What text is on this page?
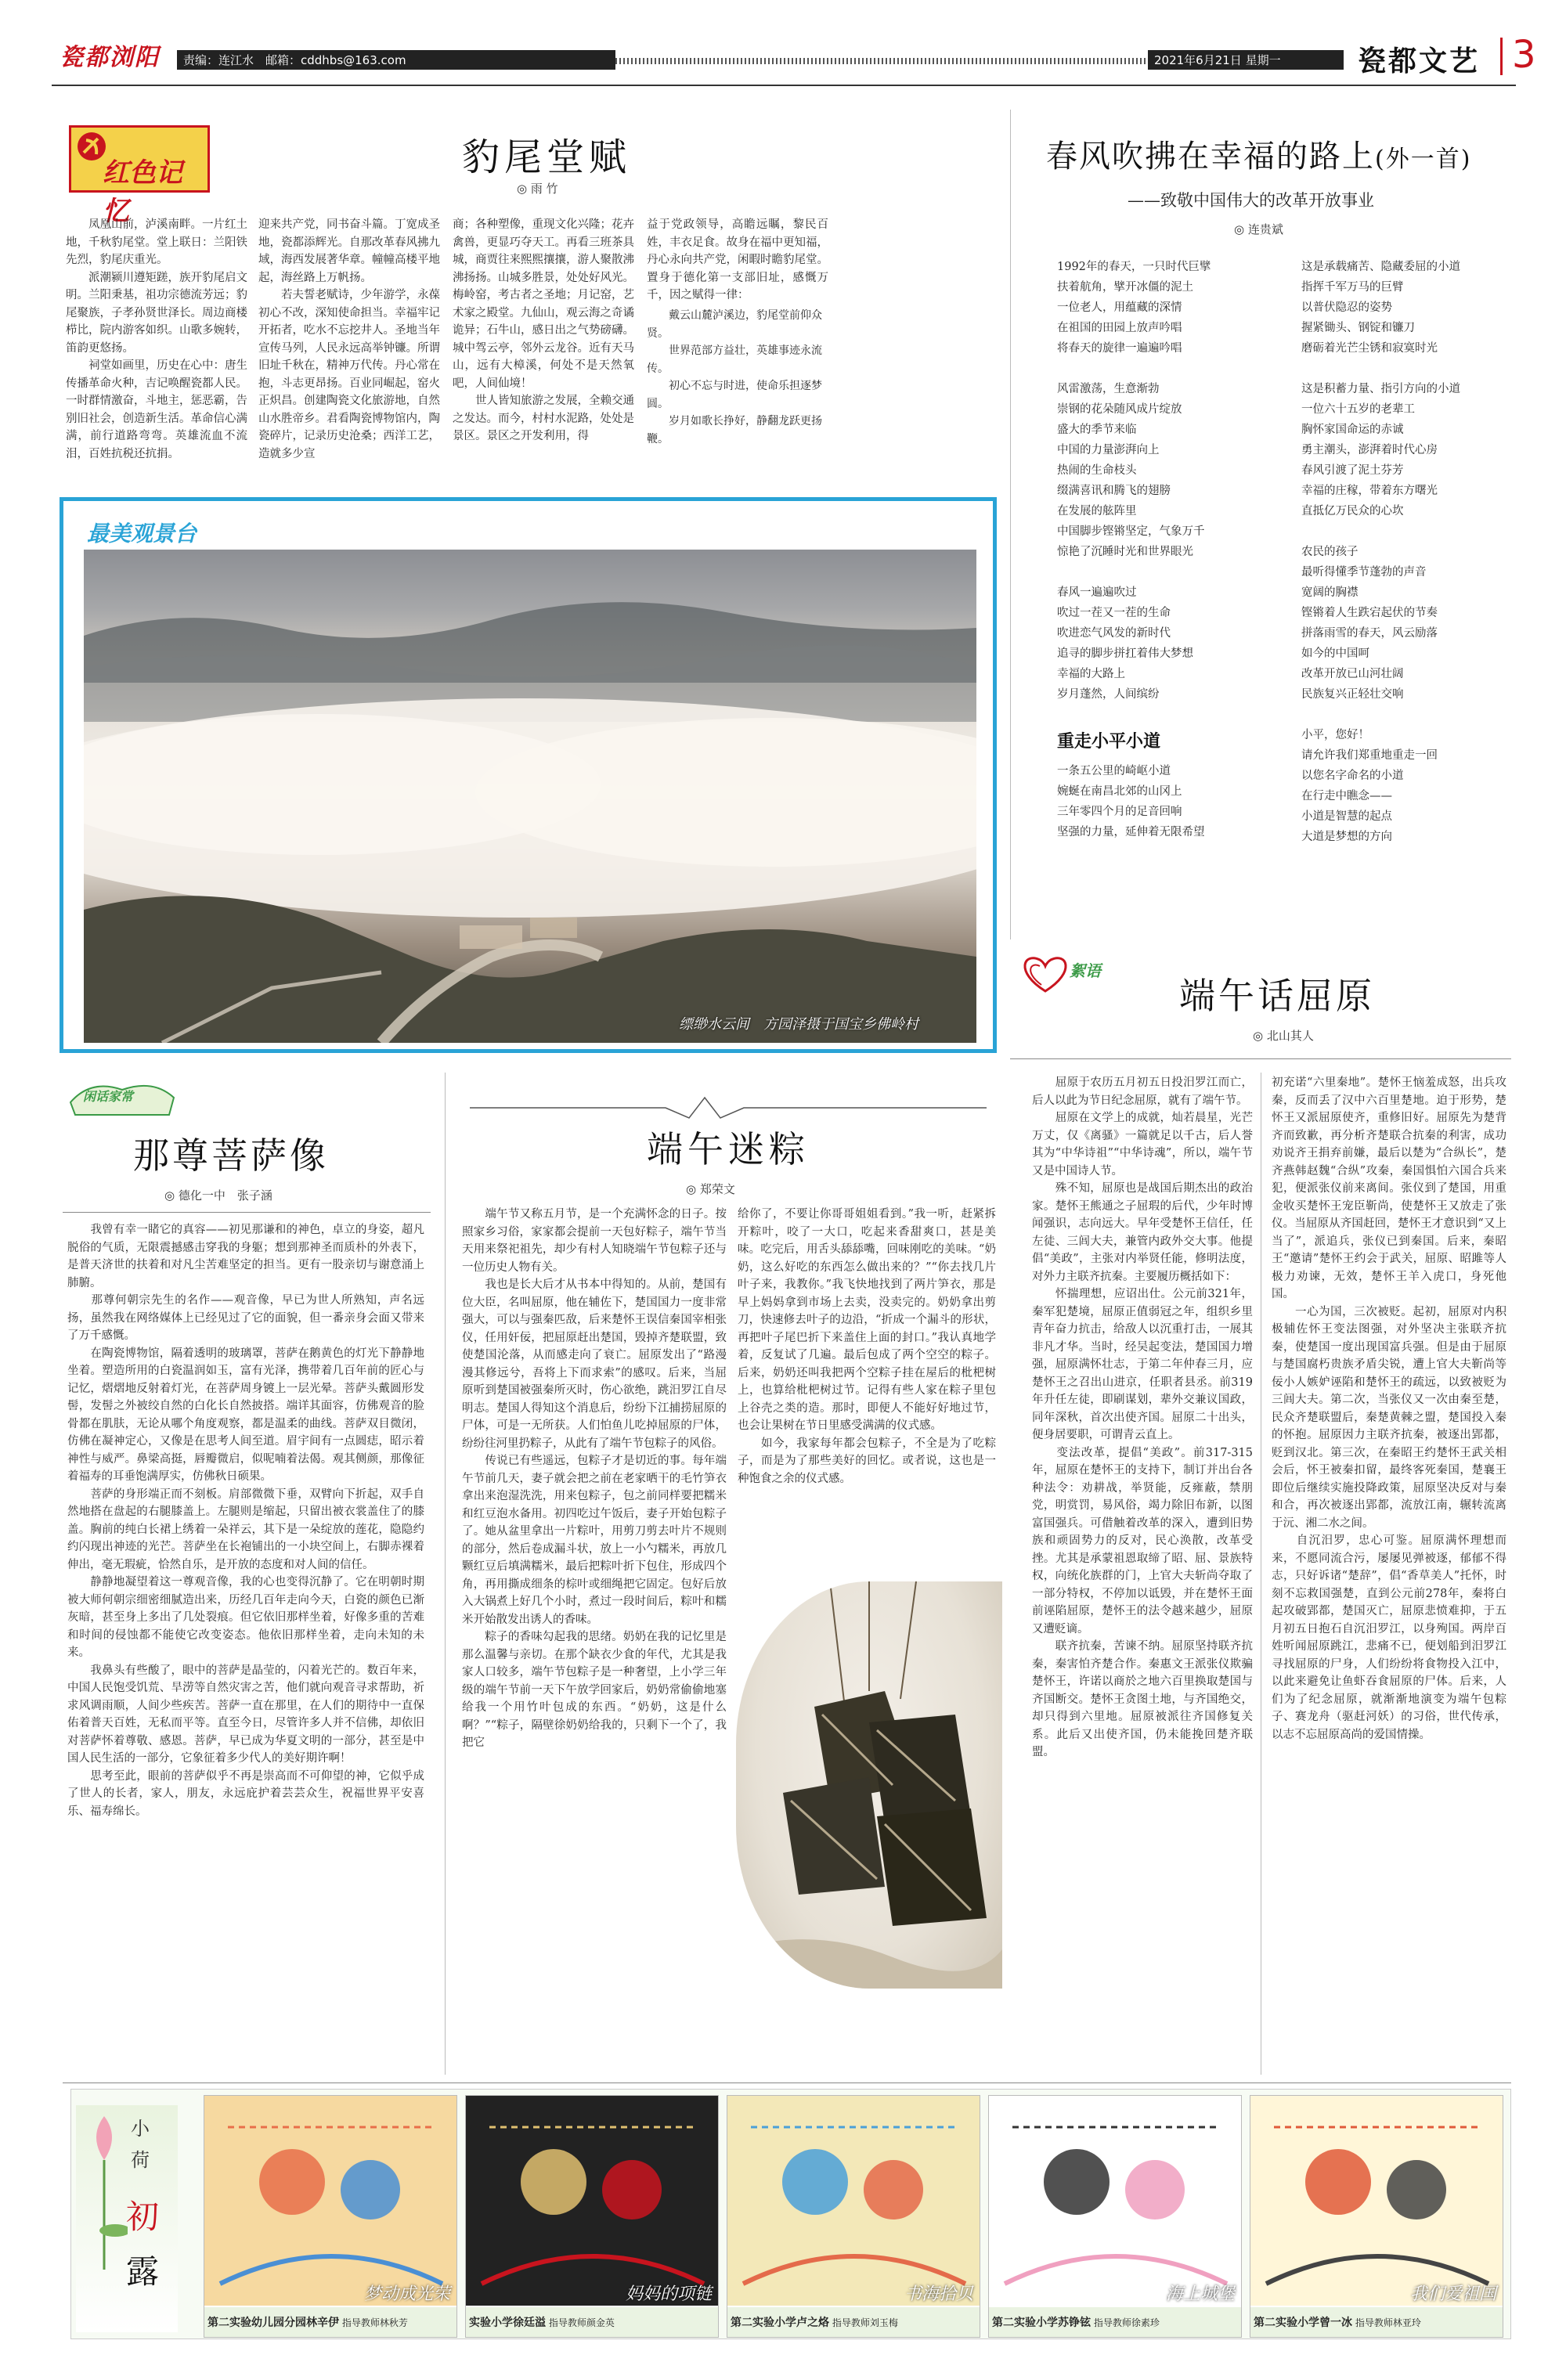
瓷都浏阳	责编：连江水　邮箱：cddhbs@163.com	2021年6月21日 星期一	瓷都文艺 3
红色记忆
豹尾堂赋
◎ 雨 竹
　　凤凰山前，泸溪南畔。一片红土地，千秋豹尾堂。堂上联日：兰阳铁先烈，豹尾庆重光。
　　派潮颍川遵矩蹉，族开豹尾启文明。兰阳秉基，祖功宗德流芳远；豹尾聚族，子孝孙贤世泽长。周边商楼栉比，院内游客如织。山歌多婉转，笛韵更悠扬。
　　祠堂如画里，历史在心中：唐生传播革命火种，吉记唤醒瓷都人民。一时群情激奋，斗地主，惩恶霸，告别旧社会，创造新生活。革命信心满满，前行道路弯弯。英雄流血不流泪，百姓抗税还抗捐。
迎来共产党，同书奋斗篇。丁宽成圣地，瓷都添辉光。自那改革春风拂九域，海西发展著华章。幢幢高楼平地起，海丝路上万帆扬。
　　若夫誓老赋诗，少年游学，永葆初心不改，深知使命担当。幸福牢记开拓者，吃水不忘挖井人。圣地当年宣传马列，人民永远高举钟镰。所谓旧址千秋在，精神万代传。丹心常在抱，斗志更昂扬。百业同崛起，窑火正炽昌。创建陶瓷文化旅游地，自然山水胜帝乡。君看陶瓷博物馆内，陶瓷碎片，记录历史沧桑；西洋工艺，造就多少宣
商；各种塑像，重现文化兴隆；花卉禽兽，更显巧夺天工。再看三班茶具城，商贾往来熙熙攘攘，游人聚散沸沸扬扬。山城多胜景，处处好风光。梅岭窑，考古者之圣地；月记窑，艺术家之殿堂。九仙山，观云海之奇谲诡异；石牛山，感日出之气势磅礴。城中驾云亭，邻外云龙谷。近有天马山，远有大樟溪，何处不是天然氧吧，人间仙境！
　　世人皆知旅游之发展，全赖交通之发达。而今，村村水泥路，处处是景区。景区之开发利用，得
益于党政领导，高瞻远瞩，黎民百姓，丰衣足食。故身在福中更知福，丹心永向共产党，闲暇时瞻豹尾堂。置身于德化第一支部旧址，感慨万千，因之赋得一律：
　　戴云山麓泸溪边，豹尾堂前仰众贤。
　　世界范部方益壮，英雄事迹永流传。
　　初心不忘与时进，使命乐担逐梦圆。
　　岁月如歌长挣好，静翻龙跃更扬鞭。
春风吹拂在幸福的路上(外一首)
——致敬中国伟大的改革开放事业
◎ 连贵斌
1992年的春天，一只时代巨擘
扶着航角，擘开冰僵的泥土
一位老人，用蕴藏的深情
在祖国的田园上放声吟唱
将春天的旋律一遍遍吟唱

风雷激荡，生意渐勃
崇钢的花朵随风成片绽放
盛大的季节来临
中国的力量澎湃向上
热闹的生命枝头
缀满喜讯和腾飞的翅膀
在发展的舷阵里
中国脚步铿锵坚定，气象万千
惊艳了沉睡时光和世界眼光

春风一遍遍吹过
吹过一茬又一茬的生命
吹进恋气风发的新时代
追寻的脚步拼扛着伟大梦想
幸福的大路上
岁月蓬然，人间缤纷
重走小平小道
一条五公里的崎岖小道
婉蜒在南昌北郊的山冈上
三年零四个月的足音回响
坚强的力量，延伸着无限希望
这是承载痛苦、隐藏委屈的小道
指挥千军万马的巨臂
以普伏隐忍的姿势
握紧锄头、钢锭和镰刀
磨砺着光芒尘锈和寂寞时光

这是积蓄力量、指引方向的小道
一位六十五岁的老辈工
胸怀家国命运的赤诚
勇主潮头，澎湃着时代心房
春风引渡了泥土芬芳
幸福的庄稼，带着东方曙光
直抵亿万民众的心坎

农民的孩子
最听得懂季节蓬勃的声音
宽阔的胸襟
铿锵着人生跌宕起伏的节奏
拼落雨雪的春天，风云励落
如今的中国呵
改革开放已山河壮阔
民族复兴正轻壮交响

小平，您好！
请允许我们郑重地重走一回
以您名字命名的小道
在行走中瞧念——
小道是智慧的起点
大道是梦想的方向
最美观景台
缥缈水云间　方园泽摄于国宝乡佛岭村
絮语
端午话屈原
◎ 北山其人
　　屈原于农历五月初五日投汨罗江而亡，后人以此为节日纪念屈原，就有了端午节。
　　屈原在文学上的成就，灿若晨星，光芒万丈，仅《离骚》一篇就足以千古，后人誉其为“中华诗祖”“中华诗魂”，所以，端午节又是中国诗人节。
　　殊不知，屈原也是战国后期杰出的政治家。楚怀王熊通之子屈瑕的后代，少年时博闻强识，志向远大。早年受楚怀王信任，任左徒、三闾大夫，兼管内政外交大事。他提倡“美政”，主张对内举贤任能，修明法度，对外力主联齐抗秦。主要履历概括如下：
　　怀揣理想，应诏出仕。公元前321年，秦军犯楚境，屈原正值弱冠之年，组织乡里青年奋力抗击，给敌人以沉重打击，一展其非凡才华。当时，经吴起变法，楚国国力增强，屈原满怀壮志，于第二年仲春三月，应楚怀王之召出山进京，任职者县丞。前319年升任左徒，即刷谋划，辈外交兼议国政，同年深秋，首次出使齐国。屈原二十出头，便身居要职，可谓青云直上。
　　变法改革，提倡“美政”。前317-315年，屈原在楚怀王的支持下，制订并出台各种法令：劝耕战，举贤能，反雍蔽，禁朋党，明赏罚，易风俗，竭力除旧布新，以图富国强兵。可借触着改革的深入，遭到旧势族和顽固势力的反对，民心涣散，改革受挫。尤其是承蒙祖恩取缔了昭、屈、景族特权，向统化族群的门，上官大夫斩尚夺取了一部分特权，不停加以诋毁，并在楚怀王面前诬陷屈原，楚怀王的法令越来越少，屈原又遭贬谪。
　　联齐抗秦，苦谏不纳。屈原坚持联齐抗秦，秦害怕齐楚合作。秦惠文王派张仪欺骗楚怀王，许诺以商於之地六百里换取楚国与齐国断交。楚怀王贪图土地，与齐国绝交，却只得到六里地。屈原被派往齐国修复关系。此后又出使齐国，仍未能挽回楚齐联盟。
初充诺“六里秦地”。楚怀王恼羞成怒，出兵攻秦，反而丢了汉中六百里楚地。迫于形势，楚怀王又派屈原使齐，重修旧好。屈原先为楚背齐而致歉，再分析齐楚联合抗秦的利害，成功劝说齐王捐弃前嫌，最后以楚为“合纵长”，楚齐燕韩赵魏“合纵”攻秦，秦国惧怕六国合兵来犯，便派张仪前来离间。张仪到了楚国，用重金收买楚怀王宠臣靳尚，使楚怀王又放走了张仪。当屈原从齐国赶回，楚怀王才意识到“又上当了”，派追兵，张仪已到秦国。后来，秦昭王“邀请”楚怀王约会于武关，屈原、昭雎等人极力劝谏，无效，楚怀王羊入虎口，身死他国。
　　一心为国，三次被贬。起初，屈原对内积极辅佐怀王变法图强，对外坚决主张联齐抗秦，使楚国一度出现国富兵强。但是由于屈原与楚国腐朽贵族矛盾尖锐，遭上官大夫靳尚等佞小人嫉妒诬陷和楚怀王的疏远，以致被贬为三闾大夫。第二次，当张仪又一次由秦至楚，民众齐楚联盟后，秦楚黄棘之盟，楚国投入秦的怀抱。屈原因力主联齐抗秦，被逐出郢都，贬到汉北。第三次，在秦昭王约楚怀王武关相会后，怀王被秦扣留，最终客死秦国，楚襄王即位后继续实施投降政策，屈原坚决反对与秦和合，再次被逐出郢都，流放江南，辗转流离于沅、湘二水之间。
　　自沉汨罗，忠心可鉴。屈原满怀理想而来，不愿同流合污，屡屡见弹被逐，郁郁不得志，只好诉诸“楚辞”，倡“香草美人”托怀，时刻不忘救国强楚，直到公元前278年，秦将白起攻破郢都，楚国灭亡，屈原悲愤难抑，于五月初五日抱石自沉汨罗江，以身殉国。两岸百姓听闻屈原跳江，悲痛不已，便划船到汨罗江寻找屈原的尸身，人们纷纷将食物投入江中，以此来避免让鱼虾吞食屈原的尸体。后来，人们为了纪念屈原，就渐渐地演变为端午包粽子、赛龙舟（驱赶河妖）的习俗，世代传承，以志不忘屈原高尚的爱国情操。
闲话家常
那尊菩萨像
◎ 德化一中　张子涵
　　我曾有幸一睹它的真容——初见那谦和的神色，卓立的身姿，超凡脱俗的气质，无限震撼感击穿我的身躯；想到那神圣而质朴的外表下，是普天济世的扶着和对凡尘苦难坚定的担当。更有一股亲切与谢意涌上肺腑。
　　那尊何朝宗先生的名作——观音像，早已为世人所熟知，声名远扬，虽然我在网络媒体上已经见过了它的面貌，但一番亲身会面又带来了万千感慨。
　　在陶瓷博物馆，隔着透明的玻璃罩，菩萨在鹅黄色的灯光下静静地坐着。塑造所用的白瓷温润如玉，富有光泽，携带着几百年前的匠心与记忆，熠熠地反射着灯光，在菩萨周身镀上一层光晕。菩萨头戴圆形发髻，发髻之外被绞自然的白化长自然披搭。端详其面容，仿佛观音的脸骨都在肌肤，无论从哪个角度观察，都是温柔的曲线。菩萨双目微闭，仿佛在凝神定心，又像是在思考人间至道。眉宇间有一点圆痣，昭示着神性与威严。鼻梁高挺，唇瓣微启，似呢喃着法偈。观其侧颜，那像征着福寿的耳垂饱满厚实，仿佛秋日硕果。
　　菩萨的身形端正而不刻板。肩部微微下垂，双臂向下折起，双手自然地搭在盘起的右腿膝盖上。左腿则是缩起，只留出被衣裳盖住了的膝盖。胸前的纯白长裙上绣着一朵祥云，其下是一朵绽放的莲花，隐隐约约闪现出神迹的光芒。菩萨坐在长袍铺出的一小块空间上，右脚赤裸着伸出，毫无瑕疵，恰然自乐，是开放的态度和对人间的信任。
　　静静地凝望着这一尊观音像，我的心也变得沉静了。它在明朝时期被大师何朝宗细密细腻造出来，历经几百年走向今天，白瓷的颜色已渐灰暗，甚至身上多出了几处裂痕。但它依旧那样坐着，好像多重的苦难和时间的侵蚀都不能使它改变姿态。他依旧那样坐着，走向未知的未来。
　　我鼻头有些酸了，眼中的菩萨是晶莹的，闪着光芒的。数百年来，中国人民饱受饥荒、旱涝等自然灾害之苦，他们就向观音寻求帮助，祈求风调雨顺，人间少些疾苦。菩萨一直在那里，在人们的期待中一直保佑着普天百姓，无私而平等。直至今日，尽管许多人并不信佛，却依旧对菩萨怀着尊敬、感恩。菩萨，早已成为华夏文明的一部分，甚至是中国人民生活的一部分，它象征着多少代人的美好期许啊！
　　思考至此，眼前的菩萨似乎不再是崇高而不可仰望的神，它似乎成了世人的长者，家人，朋友，永远庇护着芸芸众生，祝福世界平安喜乐、福寿绵长。
端午迷粽
◎ 郑荣文
　　端午节又称五月节，是一个充满怀念的日子。按照家乡习俗，家家都会提前一天包好粽子，端午节当天用来祭祀祖先，却少有村人知晓端午节包粽子还与一位历史人物有关。
　　我也是长大后才从书本中得知的。从前，楚国有位大臣，名叫屈原，他在辅佐下，楚国国力一度非常强大，可以与强秦匹敌，后来楚怀王误信秦国宰相张仪，任用奸佞，把屈原赶出楚国，毁掉齐楚联盟，致使楚国沦落，从而感走向了衰亡。屈原发出了“路漫漫其修远兮，吾将上下而求索”的感叹。后来，当屈原听到楚国被强秦所灭时，伤心欲绝，跳汨罗江自尽明志。楚国人得知这个消息后，纷纷下江捕捞屈原的尸体，可是一无所获。人们怕鱼儿吃掉屈原的尸体，纷纷往河里扔粽子，从此有了端午节包粽子的风俗。
　　传说已有些遥远，包粽子才是切近的事。每年端午节前几天，妻子就会把之前在老家晒干的毛竹笋衣拿出来泡湿洗洗，用来包粽子，包之前同样要把糯米和红豆泡水备用。初四吃过午饭后，妻子开始包粽子了。她从盆里拿出一片粽叶，用剪刀剪去叶片不规则的部分，然后卷成漏斗状，放上一小勺糯米，再放几颗红豆后填满糯米，最后把粽叶折下包住，形成四个角，再用撕成细条的棕叶或细绳把它固定。包好后放入大锅煮上好几个小时，煮过一段时间后，粽叶和糯米开始散发出诱人的香味。
　　粽子的香味勾起我的思绪。奶奶在我的记忆里是那么温馨与亲切。在那个缺衣少食的年代，尤其是我家人口较多，端午节包粽子是一种奢望，上小学三年级的端午节前一天下午放学回家后，奶奶常偷偷地塞给我一个用竹叶包成的东西。“奶奶，这是什么啊？”“粽子，隔壁徐奶奶给我的，只剩下一个了，我把它
给你了，不要让你哥哥姐姐看到。”我一听，赶紧拆开粽叶，咬了一大口，吃起来香甜爽口，甚是美味。吃完后，用舌头舔舔嘴，回味刚吃的美味。“奶奶，这么好吃的东西怎么做出来的？”“你去找几片叶子来，我教你。”我飞快地找到了两片笋衣，那是早上妈妈拿到市场上去卖，没卖完的。奶奶拿出剪刀，快速修去叶子的边沿，“折成一个漏斗的形状，再把叶子尾巴折下来盖住上面的封口。”我认真地学着，反复试了几遍。最后包成了两个空空的粽子。后来，奶奶还叫我把两个空粽子挂在屋后的枇杷树上，也算给枇杷树过节。记得有些人家在粽子里包上谷壳之类的造。那时，即便人不能好好地过节，也会让果树在节日里感受满满的仪式感。
　　如今，我家每年都会包粽子，不全是为了吃粽子，而是为了那些美好的回忆。或者说，这也是一种饱食之余的仪式感。
小
荷
初
露
梦动成光荣
第二实验幼儿园分园林辛伊 指导教师林秋芳
妈妈的项链
实验小学徐廷溢 指导教师颜金英
书海拾贝
第二实验小学卢之烙 指导教师刘玉梅
海上城堡
第二实验小学苏铮铉 指导教师徐素珍
我们爱祖国
第二实验小学曾一冰 指导教师林亚玲
